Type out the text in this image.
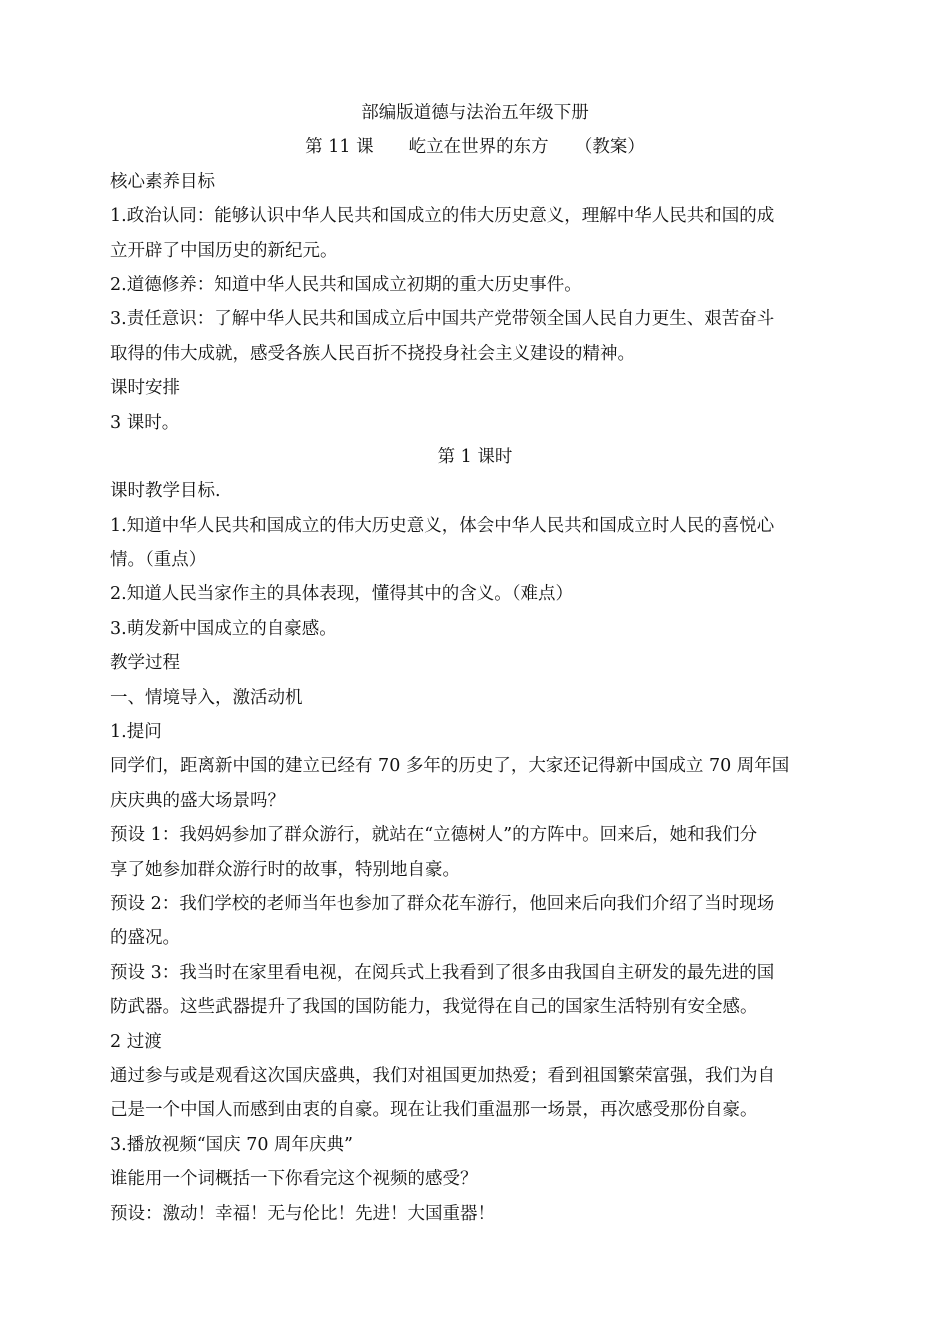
部编版道德与法治五年级下册
第 11 课　　屹立在世界的东方　　（教案）
核心素养目标
1.政治认同：能够认识中华人民共和国成立的伟大历史意义，理解中华人民共和国的成
立开辟了中国历史的新纪元。
2.道德修养：知道中华人民共和国成立初期的重大历史事件。
3.责任意识：了解中华人民共和国成立后中国共产党带领全国人民自力更生、艰苦奋斗
取得的伟大成就，感受各族人民百折不挠投身社会主义建设的精神。
课时安排
3 课时。
第 1 课时
课时教学目标.
1.知道中华人民共和国成立的伟大历史意义，体会中华人民共和国成立时人民的喜悦心
情。（重点）
2.知道人民当家作主的具体表现，懂得其中的含义。（难点）
3.萌发新中国成立的自豪感。
教学过程
一、情境导入，激活动机
1.提问
同学们，距离新中国的建立已经有 70 多年的历史了，大家还记得新中国成立 70 周年国
庆庆典的盛大场景吗？
预设 1：我妈妈参加了群众游行，就站在“立德树人”的方阵中。回来后，她和我们分
享了她参加群众游行时的故事，特别地自豪。
预设 2：我们学校的老师当年也参加了群众花车游行，他回来后向我们介绍了当时现场
的盛况。
预设 3：我当时在家里看电视，在阅兵式上我看到了很多由我国自主研发的最先进的国
防武器。这些武器提升了我国的国防能力，我觉得在自己的国家生活特别有安全感。
2 过渡
通过参与或是观看这次国庆盛典，我们对祖国更加热爱；看到祖国繁荣富强，我们为自
己是一个中国人而感到由衷的自豪。现在让我们重温那一场景，再次感受那份自豪。
3.播放视频“国庆 70 周年庆典”
谁能用一个词概括一下你看完这个视频的感受？
预设：激动！幸福！无与伦比！先进！大国重器！
